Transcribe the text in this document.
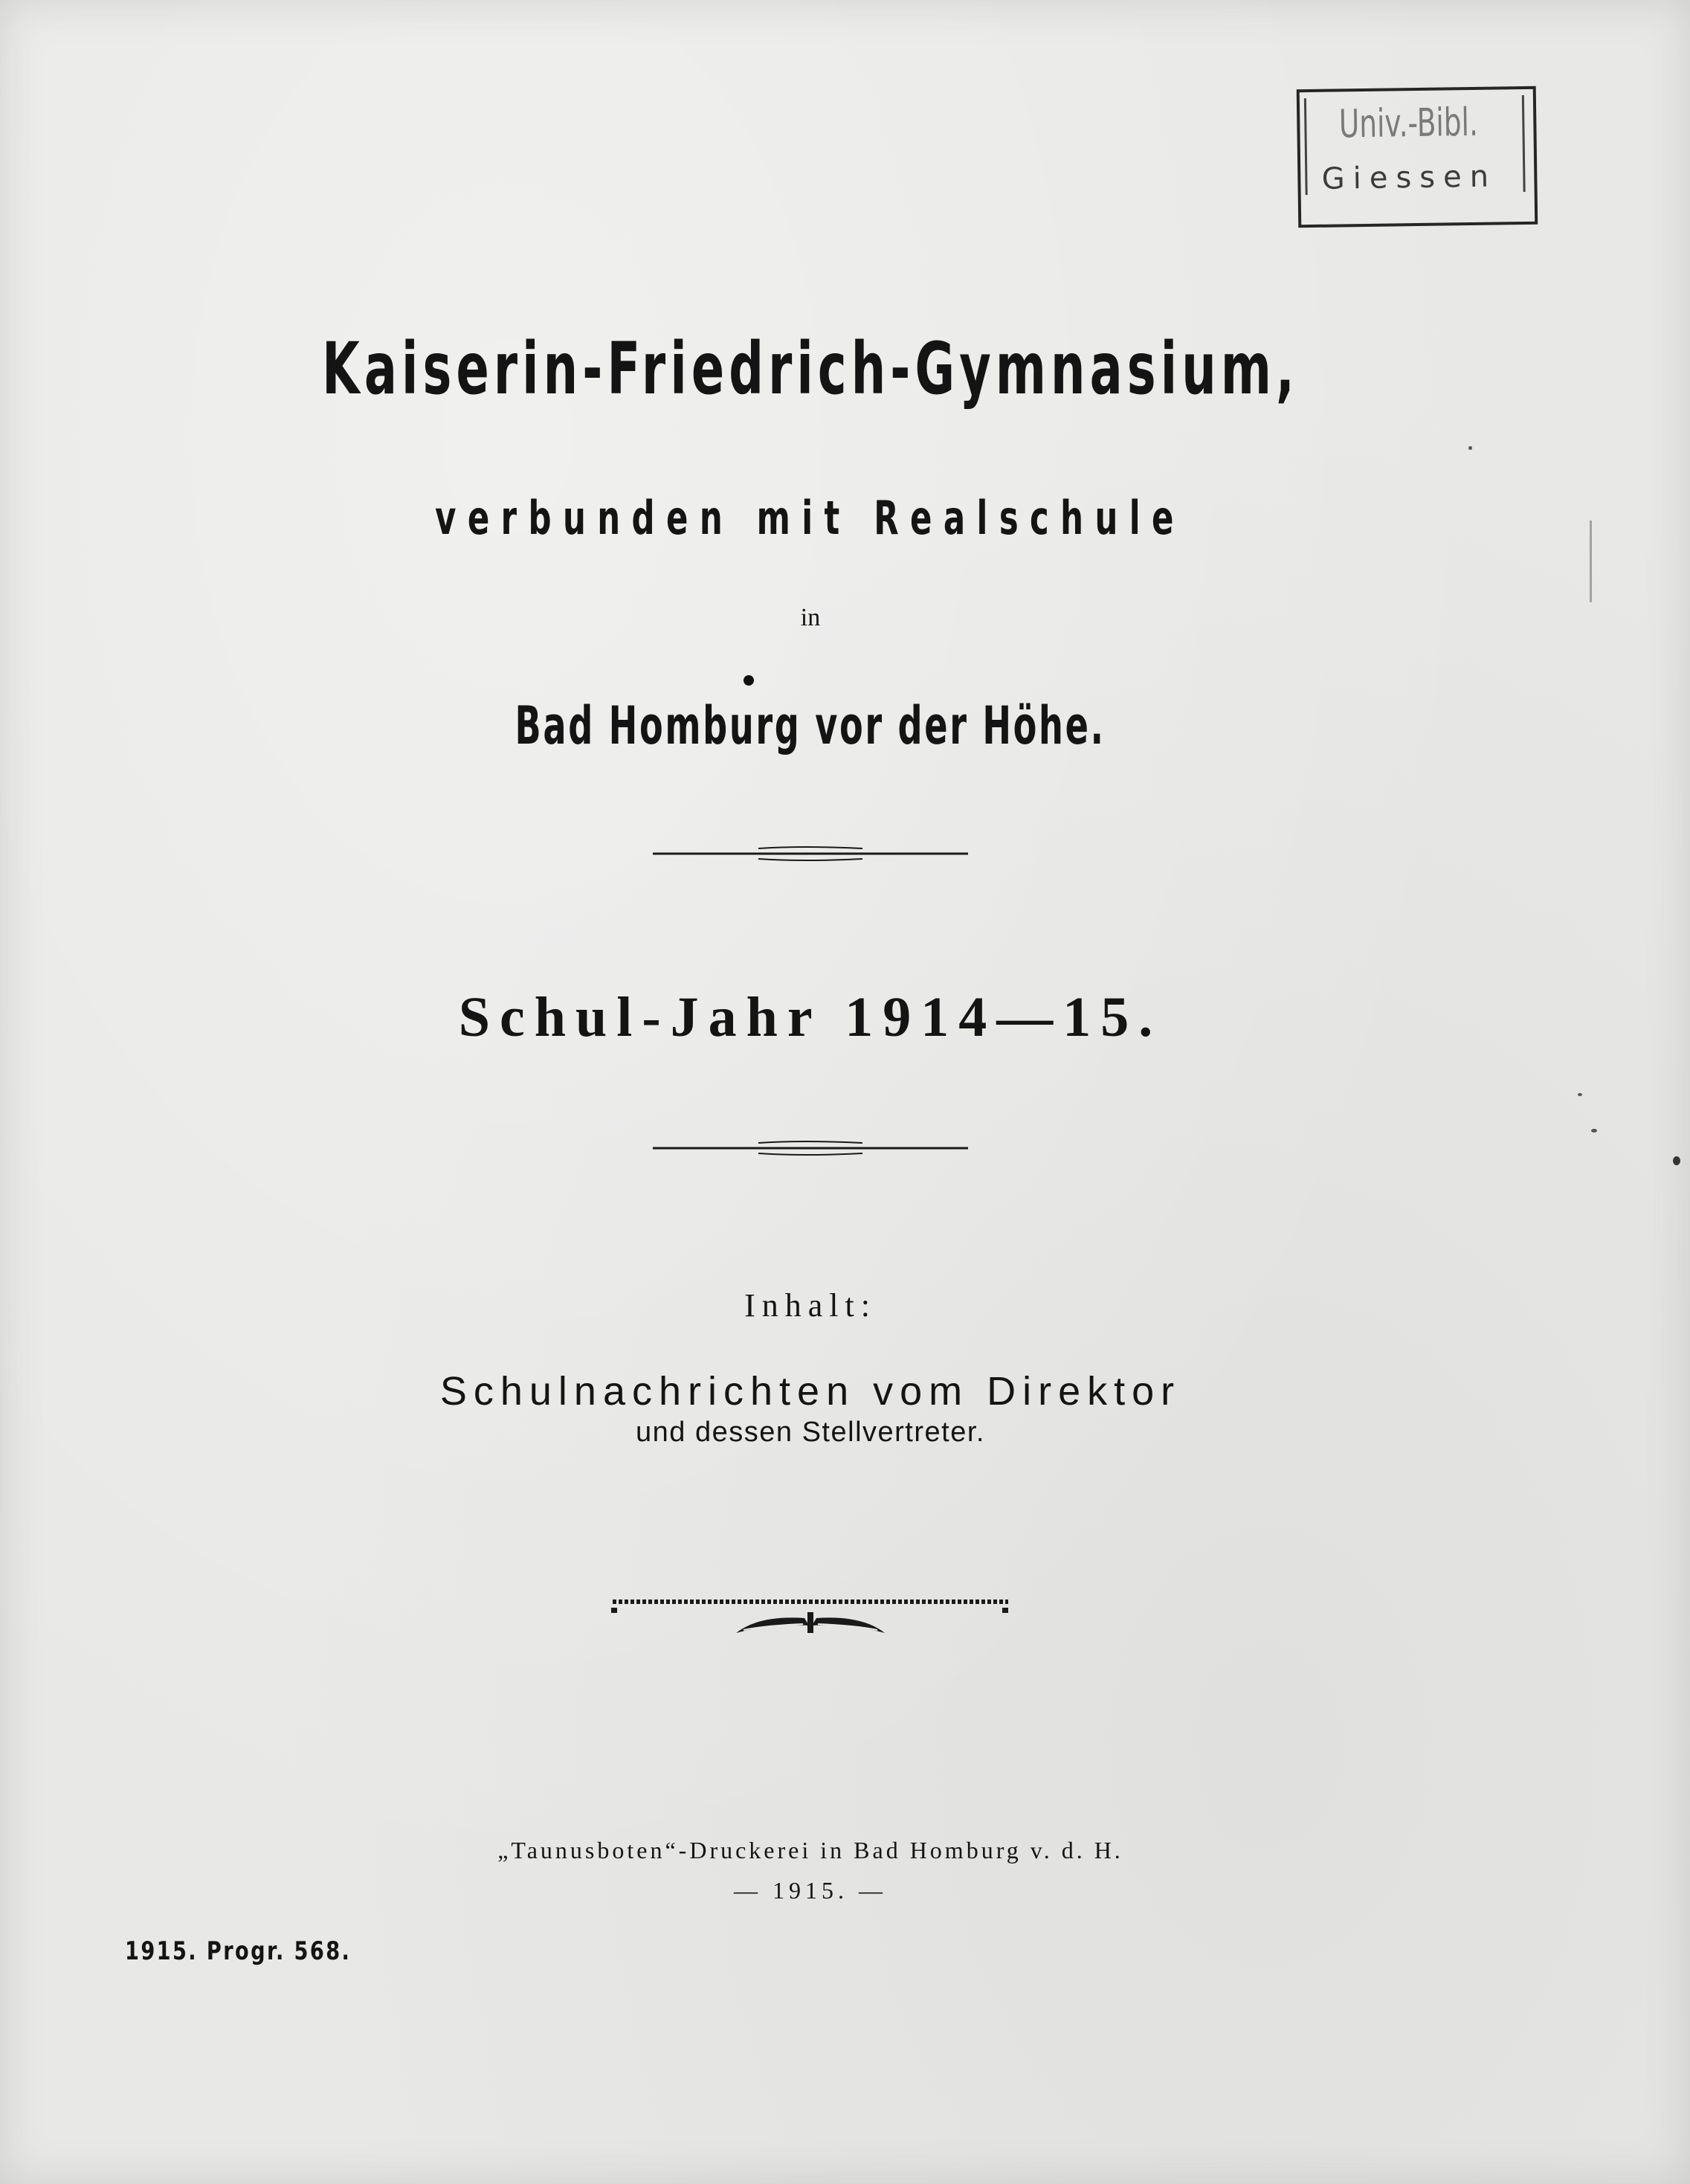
Univ.-Bibl.
Giessen
Kaiserin-Friedrich-Gymnasium,
verbunden mit Realschule
in
Bad Homburg vor der Höhe.
Schul-Jahr 1914—15.
Inhalt:
Schulnachrichten vom Direktor
und dessen Stellvertreter.
„Taunusboten“-Druckerei in Bad Homburg v. d. H.
— 1915. —
1915. Progr. 568.
